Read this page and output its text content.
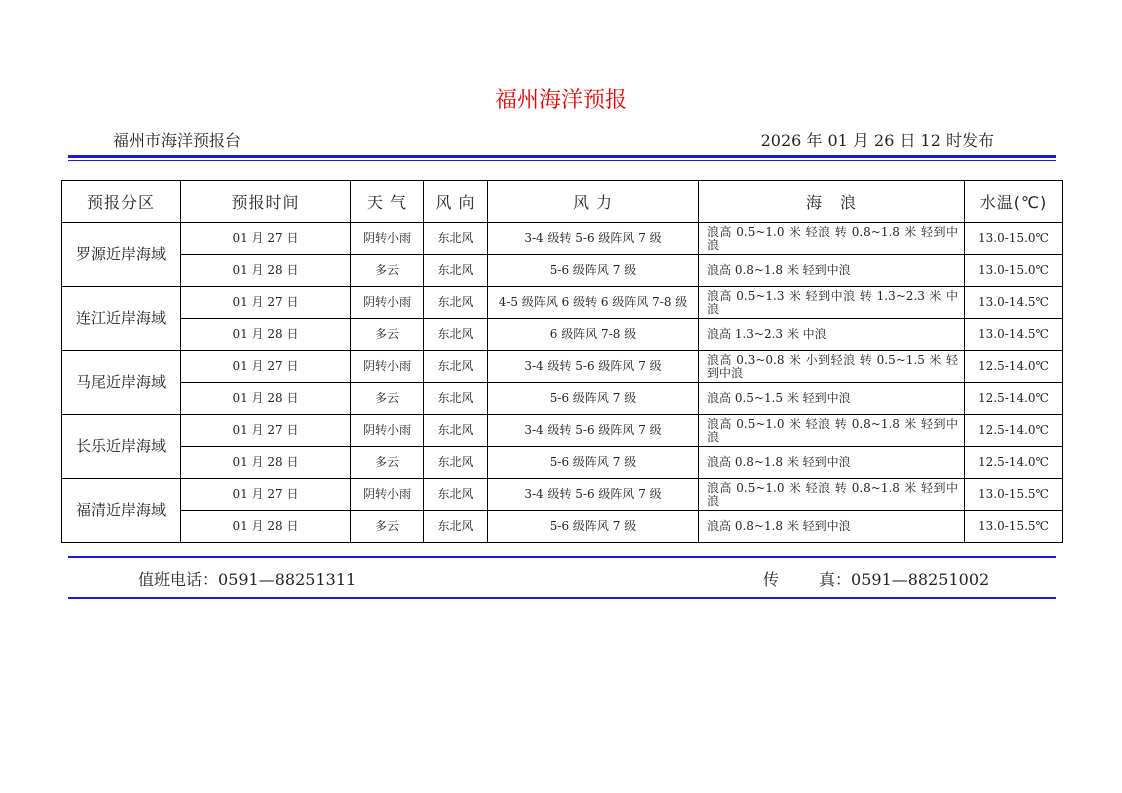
福州海洋预报
福州市海洋预报台	2026 年 01 月 26 日 12 时发布
预报分区	预报时间	天 气	风 向	风 力	海　浪	水温(℃)
罗源近岸海域	01 月 27 日	阴转小雨	东北风	3-4 级转 5-6 级阵风 7 级	浪高 0.5~1.0 米 轻浪 转 0.8~1.8 米 轻到中浪	13.0-15.0℃
	01 月 28 日	多云	东北风	5-6 级阵风 7 级	浪高 0.8~1.8 米 轻到中浪	13.0-15.0℃
连江近岸海域	01 月 27 日	阴转小雨	东北风	4-5 级阵风 6 级转 6 级阵风 7-8 级	浪高 0.5~1.3 米 轻到中浪 转 1.3~2.3 米 中浪	13.0-14.5℃
	01 月 28 日	多云	东北风	6 级阵风 7-8 级	浪高 1.3~2.3 米 中浪	13.0-14.5℃
马尾近岸海域	01 月 27 日	阴转小雨	东北风	3-4 级转 5-6 级阵风 7 级	浪高 0.3~0.8 米 小到轻浪 转 0.5~1.5 米 轻到中浪	12.5-14.0℃
	01 月 28 日	多云	东北风	5-6 级阵风 7 级	浪高 0.5~1.5 米 轻到中浪	12.5-14.0℃
长乐近岸海域	01 月 27 日	阴转小雨	东北风	3-4 级转 5-6 级阵风 7 级	浪高 0.5~1.0 米 轻浪 转 0.8~1.8 米 轻到中浪	12.5-14.0℃
	01 月 28 日	多云	东北风	5-6 级阵风 7 级	浪高 0.8~1.8 米 轻到中浪	12.5-14.0℃
福清近岸海域	01 月 27 日	阴转小雨	东北风	3-4 级转 5-6 级阵风 7 级	浪高 0.5~1.0 米 轻浪 转 0.8~1.8 米 轻到中浪	13.0-15.5℃
	01 月 28 日	多云	东北风	5-6 级阵风 7 级	浪高 0.8~1.8 米 轻到中浪	13.0-15.5℃
值班电话：0591—88251311	传	真：0591—88251002
